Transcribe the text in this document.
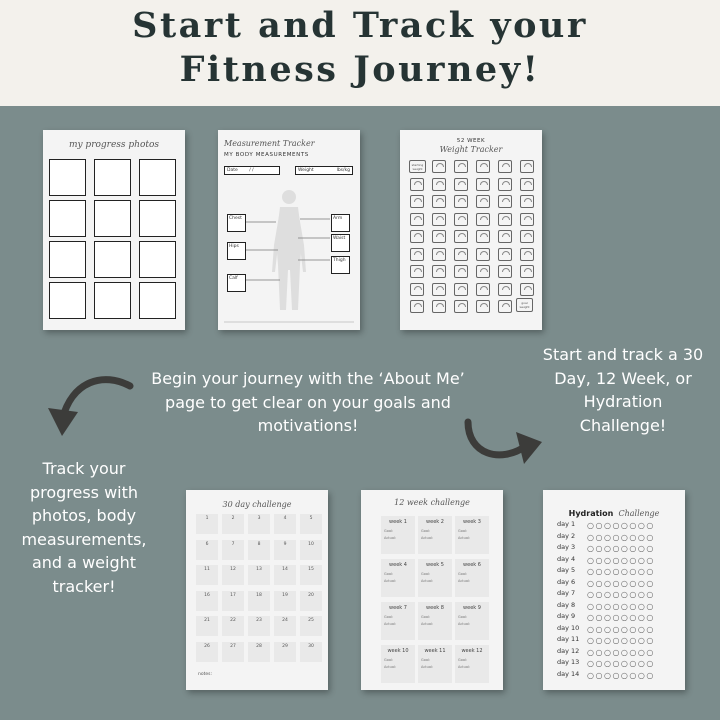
Start and Track your
Fitness Journey!
my progress photos	Measurement Tracker
MY BODY MEASUREMENTS
Date	/ /	Weight	lbs/kg
Chest
Hips
Calf
Arm
Waist
Thigh
52 WEEK
Weight Tracker
starting weight
goal weight
30 day challenge
1	2	3	4	5
6	7	8	9	10
11	12	13	14	15
16	17	18	19	20
21	22	23	24	25
26	27	28	29	30
notes:
12 week challenge
week 1
Goal:
Actual:
week 2
Goal:
Actual:
week 3
Goal:
Actual:
week 4
Goal:
Actual:
week 5
Goal:
Actual:
week 6
Goal:
Actual:
week 7
Goal:
Actual:
week 8
Goal:
Actual:
week 9
Goal:
Actual:
week 10
Goal:
Actual:
week 11
Goal:
Actual:
week 12
Goal:
Actual:
Hydration Challenge
day 1 ○○○○○○○○
day 2 ○○○○○○○○
day 3 ○○○○○○○○
day 4 ○○○○○○○○
day 5 ○○○○○○○○
day 6 ○○○○○○○○
day 7 ○○○○○○○○
day 8 ○○○○○○○○
day 9 ○○○○○○○○
day 10 ○○○○○○○○
day 11 ○○○○○○○○
day 12 ○○○○○○○○
day 13 ○○○○○○○○
day 14 ○○○○○○○○
Begin your journey with the ‘About Me’ page to get clear on your goals and motivations!
Start and track a 30 Day, 12 Week, or Hydration Challenge!
Track your progress with photos, body measurements, and a weight tracker!
